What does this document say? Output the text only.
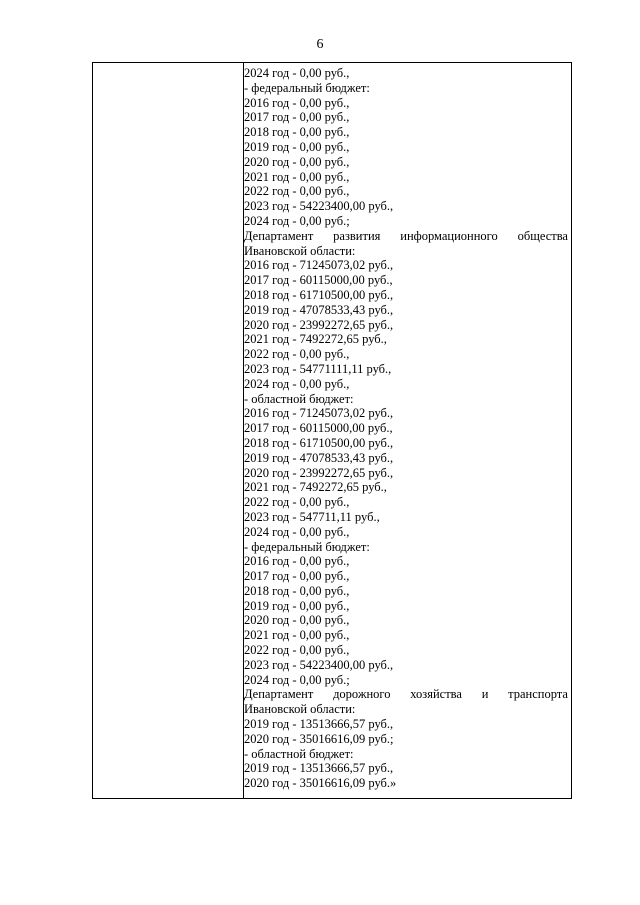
6
2024 год - 0,00 руб.,
- федеральный бюджет:
2016 год - 0,00 руб.,
2017 год - 0,00 руб.,
2018 год - 0,00 руб.,
2019 год - 0,00 руб.,
2020 год - 0,00 руб.,
2021 год - 0,00 руб.,
2022 год - 0,00 руб.,
2023 год - 54223400,00 руб.,
2024 год - 0,00 руб.;
Департамент развития информационного общества
Ивановской области:
2016 год - 71245073,02 руб.,
2017 год - 60115000,00 руб.,
2018 год - 61710500,00 руб.,
2019 год - 47078533,43 руб.,
2020 год - 23992272,65 руб.,
2021 год - 7492272,65 руб.,
2022 год - 0,00 руб.,
2023 год - 54771111,11 руб.,
2024 год - 0,00 руб.,
- областной бюджет:
2016 год - 71245073,02 руб.,
2017 год - 60115000,00 руб.,
2018 год - 61710500,00 руб.,
2019 год - 47078533,43 руб.,
2020 год - 23992272,65 руб.,
2021 год - 7492272,65 руб.,
2022 год - 0,00 руб.,
2023 год - 547711,11 руб.,
2024 год - 0,00 руб.,
- федеральный бюджет:
2016 год - 0,00 руб.,
2017 год - 0,00 руб.,
2018 год - 0,00 руб.,
2019 год - 0,00 руб.,
2020 год - 0,00 руб.,
2021 год - 0,00 руб.,
2022 год - 0,00 руб.,
2023 год - 54223400,00 руб.,
2024 год - 0,00 руб.;
Департамент дорожного хозяйства и транспорта
Ивановской области:
2019 год - 13513666,57 руб.,
2020 год - 35016616,09 руб.;
- областной бюджет:
2019 год - 13513666,57 руб.,
2020 год - 35016616,09 руб.»
